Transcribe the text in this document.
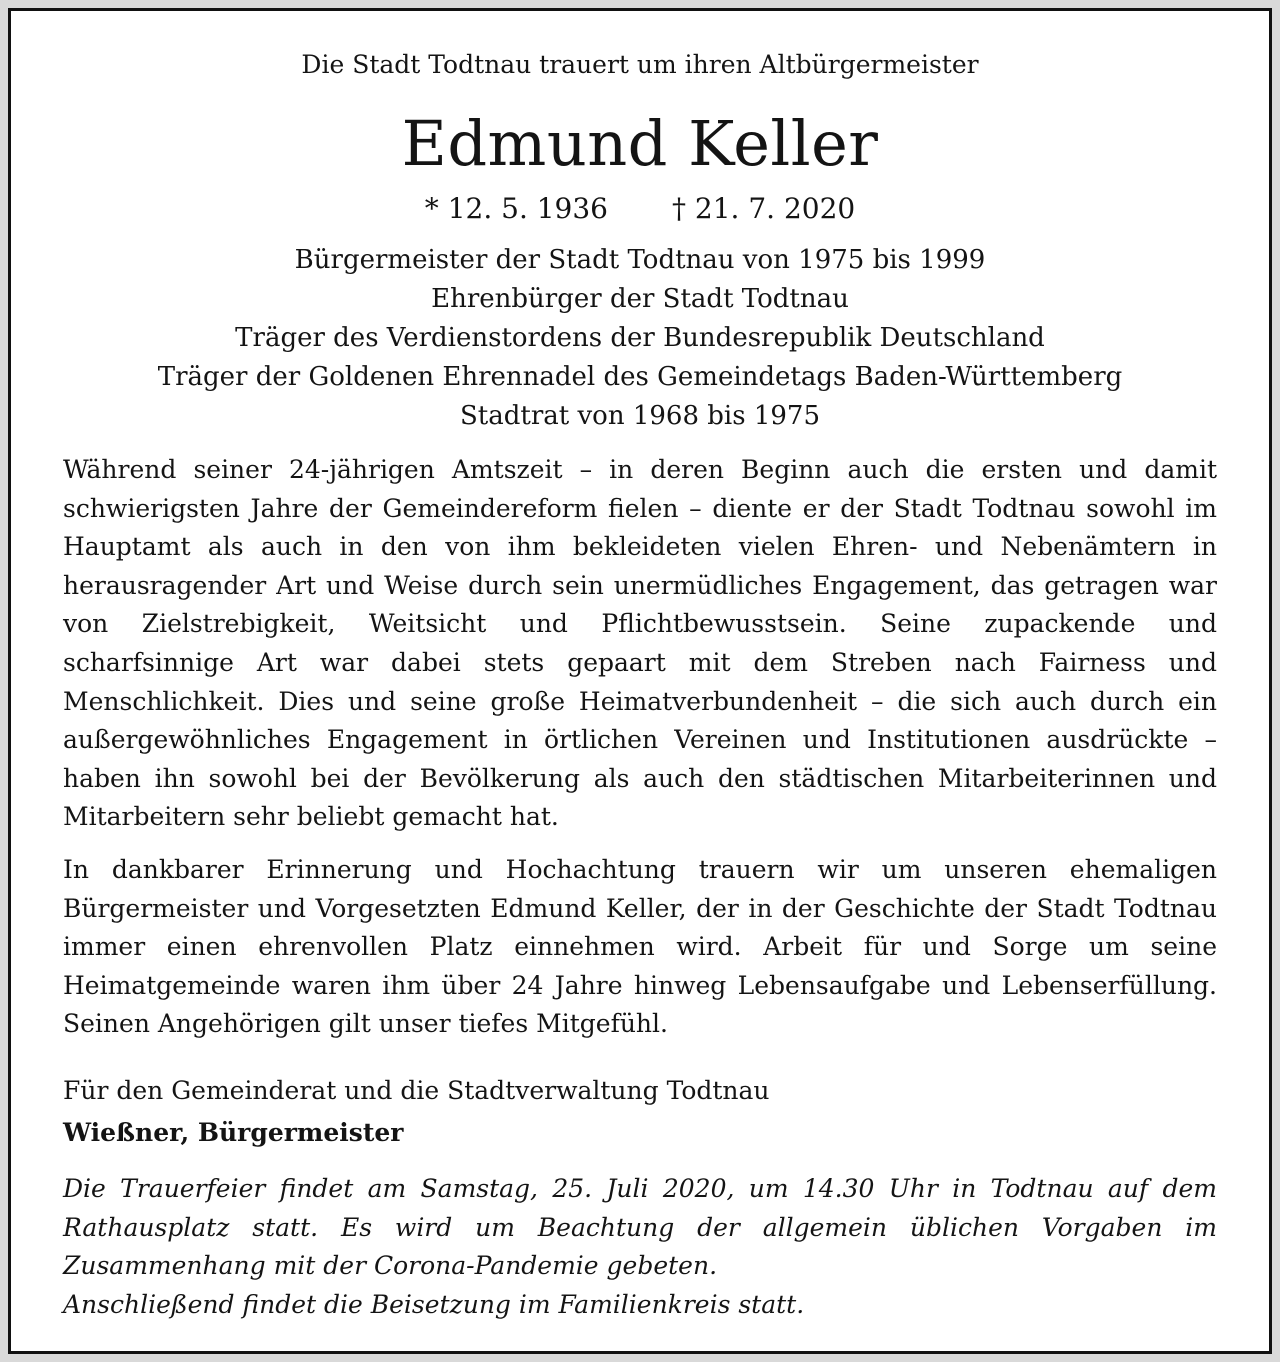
Die Stadt Todtnau trauert um ihren Altbürgermeister
Edmund Keller
* 12. 5. 1936 † 21. 7. 2020
Bürgermeister der Stadt Todtnau von 1975 bis 1999
Ehrenbürger der Stadt Todtnau
Träger des Verdienstordens der Bundesrepublik Deutschland
Träger der Goldenen Ehrennadel des Gemeindetags Baden-Württemberg
Stadtrat von 1968 bis 1975

Während seiner 24-jährigen Amtszeit – in deren Beginn auch die ersten und damit schwierigsten Jahre der Gemeindereform fielen – diente er der Stadt Todtnau sowohl im Hauptamt als auch in den von ihm bekleideten vielen Ehren- und Nebenämtern in herausragender Art und Weise durch sein unermüdliches Engagement, das getragen war von Zielstrebigkeit, Weitsicht und Pflichtbewusstsein. Seine zupackende und scharfsinnige Art war dabei stets gepaart mit dem Streben nach Fairness und Menschlichkeit. Dies und seine große Heimatverbundenheit – die sich auch durch ein außergewöhnliches Engagement in örtlichen Vereinen und Institutionen ausdrückte – haben ihn sowohl bei der Bevölkerung als auch den städtischen Mitarbeiterinnen und Mitarbeitern sehr beliebt gemacht hat.

In dankbarer Erinnerung und Hochachtung trauern wir um unseren ehemaligen Bürgermeister und Vorgesetzten Edmund Keller, der in der Geschichte der Stadt Todtnau immer einen ehrenvollen Platz einnehmen wird. Arbeit für und Sorge um seine Heimatgemeinde waren ihm über 24 Jahre hinweg Lebensaufgabe und Lebenserfüllung. Seinen Angehörigen gilt unser tiefes Mitgefühl.

Für den Gemeinderat und die Stadtverwaltung Todtnau
Wießner, Bürgermeister

Die Trauerfeier findet am Samstag, 25. Juli 2020, um 14.30 Uhr in Todtnau auf dem Rathausplatz statt. Es wird um Beachtung der allgemein üblichen Vorgaben im Zusammenhang mit der Corona-Pandemie gebeten.

Anschließend findet die Beisetzung im Familienkreis statt.
